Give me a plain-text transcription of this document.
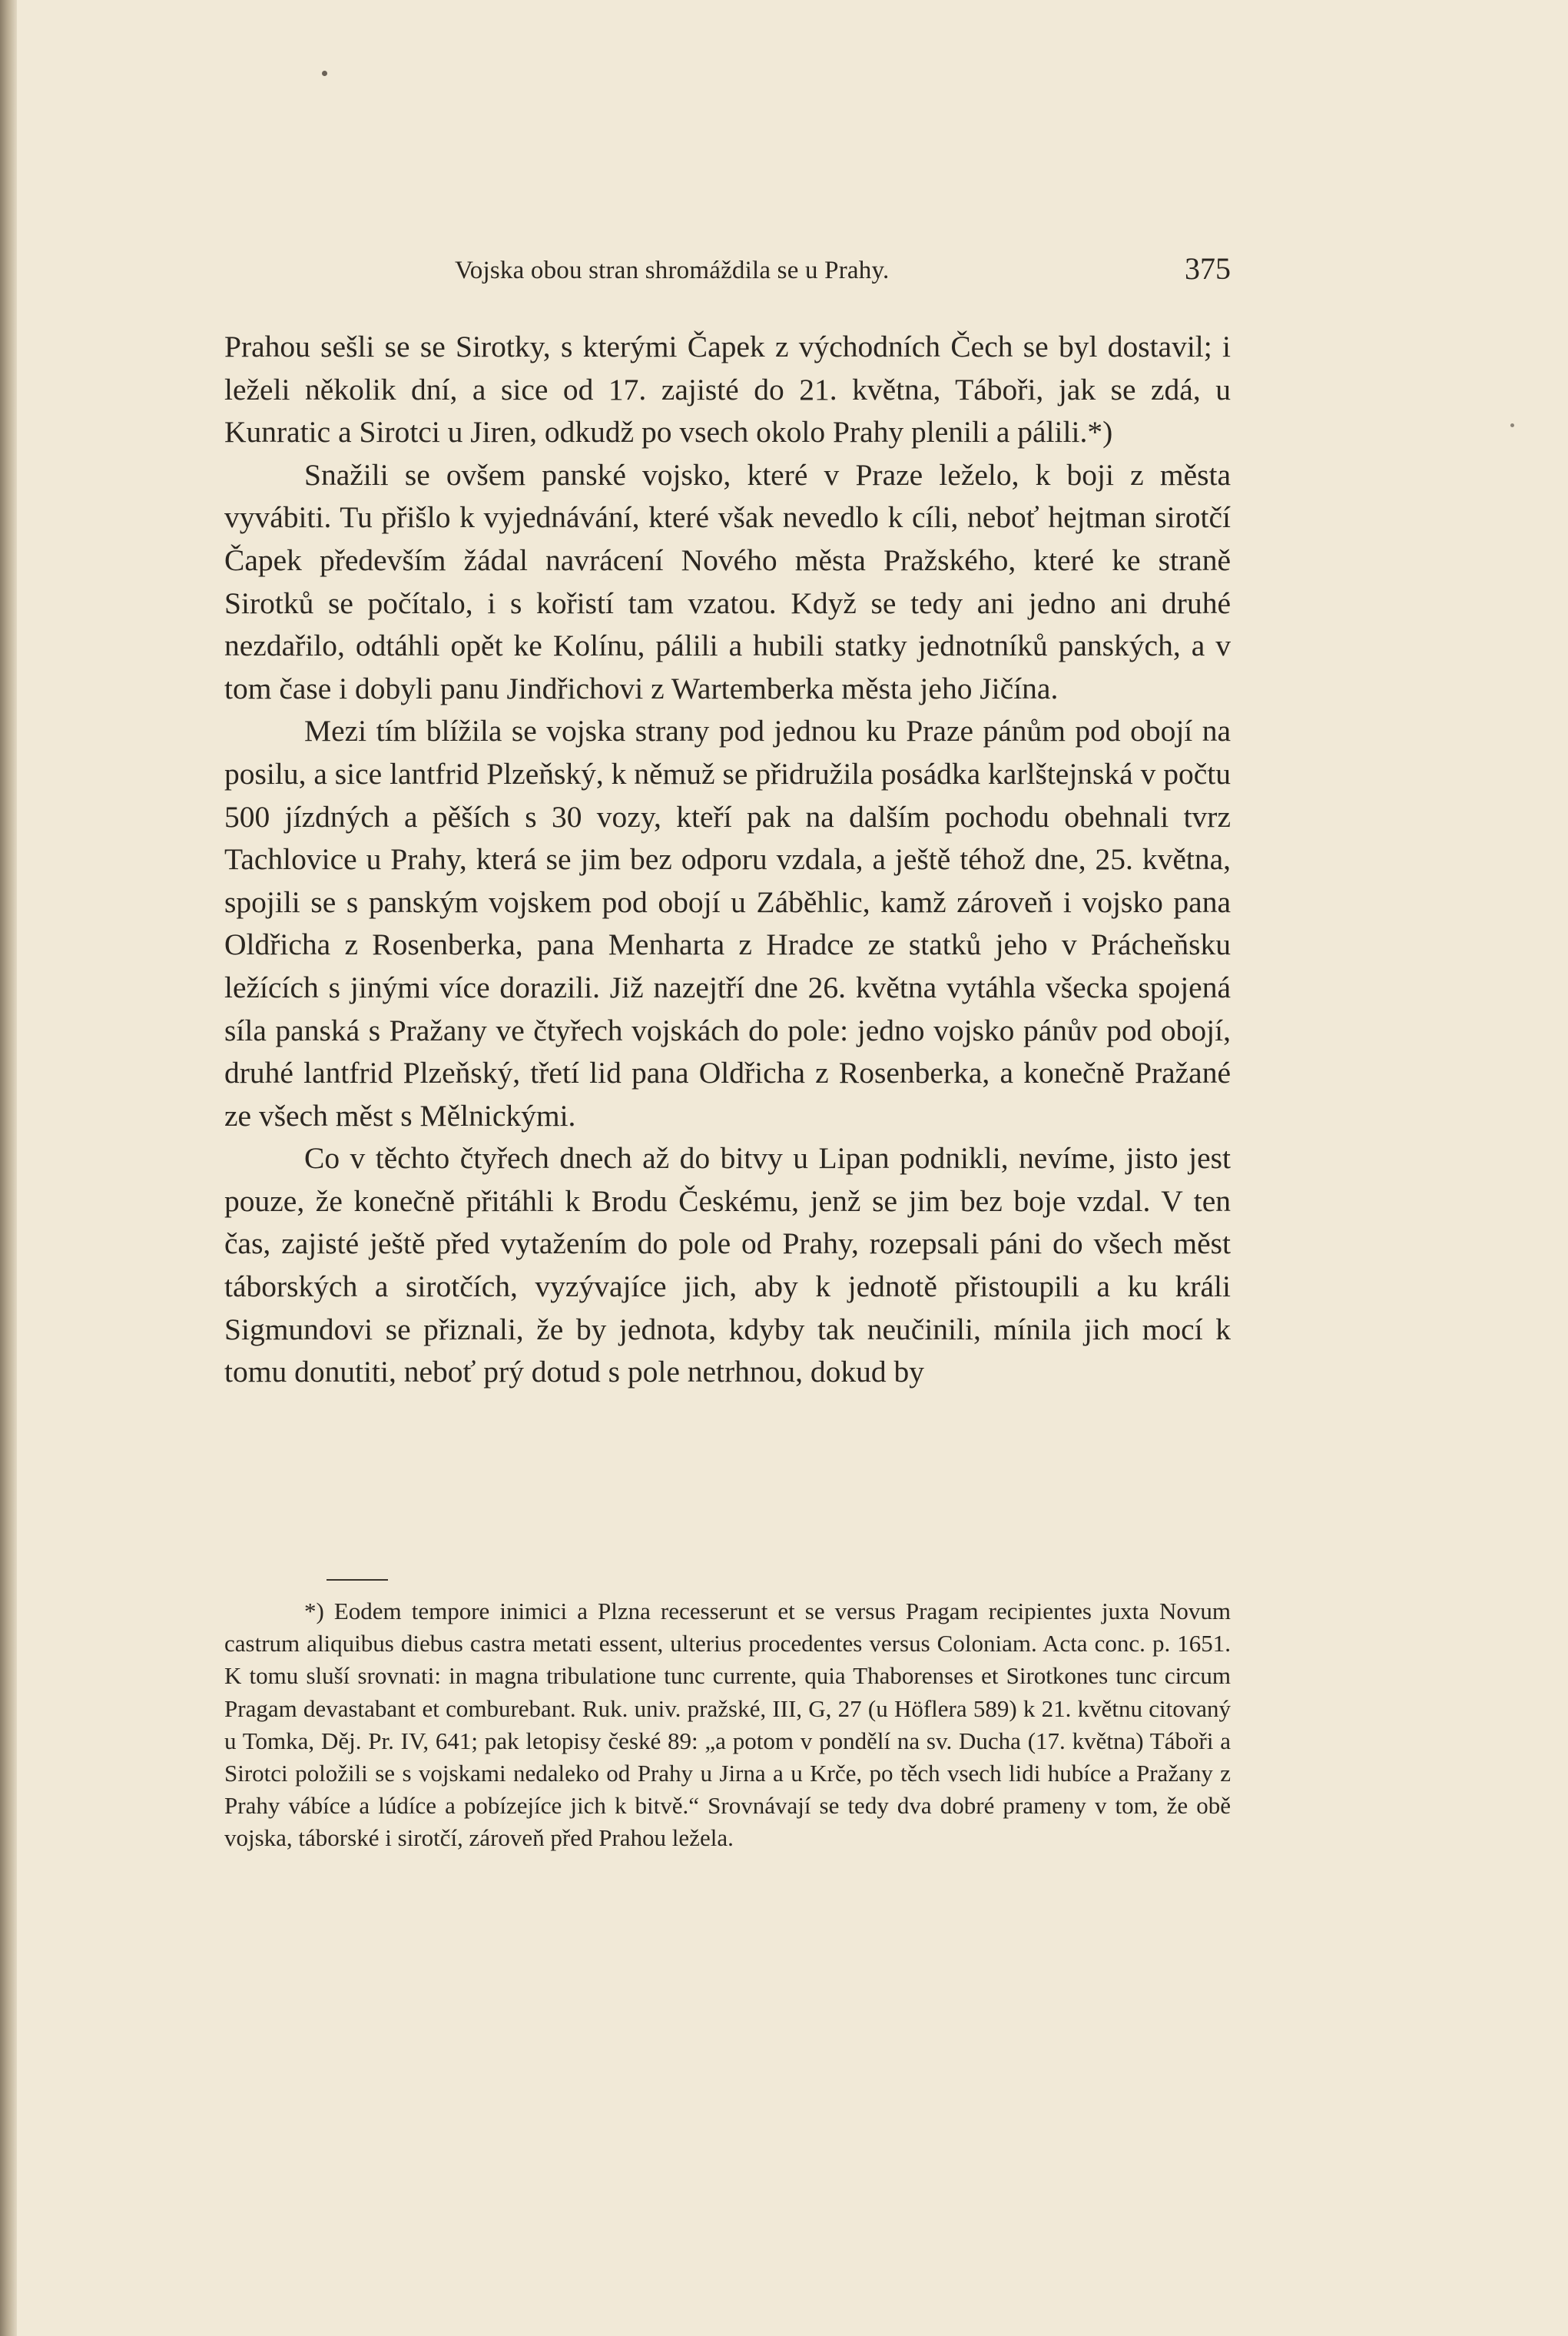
Vojska obou stran shromáždila se u Prahy.	375

Prahou sešli se se Sirotky, s kterými Čapek z východních Čech se byl dostavil; i leželi několik dní, a sice od 17. zajisté do 21. května, Táboři, jak se zdá, u Kunratic a Sirotci u Jiren, odkudž po vsech okolo Prahy plenili a pálili.*)

Snažili se ovšem panské vojsko, které v Praze leželo, k boji z města vyvábiti. Tu přišlo k vyjednávání, které však nevedlo k cíli, neboť hejtman sirotčí Čapek především žádal navrácení Nového města Pražského, které ke straně Sirotků se počítalo, i s kořistí tam vzatou. Když se tedy ani jedno ani druhé nezdařilo, odtáhli opět ke Kolínu, pálili a hubili statky jednotníků panských, a v tom čase i dobyli panu Jindřichovi z Wartemberka města jeho Jičína.

Mezi tím blížila se vojska strany pod jednou ku Praze pánům pod obojí na posilu, a sice lantfrid Plzeňský, k němuž se přidružila posádka karlštejnská v počtu 500 jízdných a pěších s 30 vozy, kteří pak na dalším pochodu obehnali tvrz Tachlovice u Prahy, která se jim bez odporu vzdala, a ještě téhož dne, 25. května, spojili se s panským vojskem pod obojí u Záběhlic, kamž zároveň i vojsko pana Oldřicha z Rosenberka, pana Menharta z Hradce ze statků jeho v Prácheňsku ležících s jinými více dorazili. Již nazejtří dne 26. května vytáhla všecka spojená síla panská s Pražany ve čtyřech vojskách do pole: jedno vojsko pánův pod obojí, druhé lantfrid Plzeňský, třetí lid pana Oldřicha z Rosenberka, a konečně Pražané ze všech měst s Mělnickými.

Co v těchto čtyřech dnech až do bitvy u Lipan podnikli, nevíme, jisto jest pouze, že konečně přitáhli k Brodu Českému, jenž se jim bez boje vzdal. V ten čas, zajisté ještě před vytažením do pole od Prahy, rozepsali páni do všech měst táborských a sirotčích, vyzývajíce jich, aby k jednotě přistoupili a ku králi Sigmundovi se přiznali, že by jednota, kdyby tak neučinili, mínila jich mocí k tomu donutiti, neboť prý dotud s pole netrhnou, dokud by

*) Eodem tempore inimici a Plzna recesserunt et se versus Pragam recipientes juxta Novum castrum aliquibus diebus castra metati essent, ulterius procedentes versus Coloniam. Acta conc. p. 1651. K tomu sluší srovnati: in magna tribulatione tunc currente, quia Thaborenses et Sirotkones tunc circum Pragam devastabant et comburebant. Ruk. univ. pražské, III, G, 27 (u Höflera 589) k 21. květnu citovaný u Tomka, Děj. Pr. IV, 641; pak letopisy české 89: „a potom v pondělí na sv. Ducha (17. května) Táboři a Sirotci položili se s vojskami nedaleko od Prahy u Jirna a u Krče, po těch vsech lidi hubíce a Pražany z Prahy vábíce a lúdíce a pobízejíce jich k bitvě.“ Srovnávají se tedy dva dobré prameny v tom, že obě vojska, táborské i sirotčí, zároveň před Prahou ležela.
